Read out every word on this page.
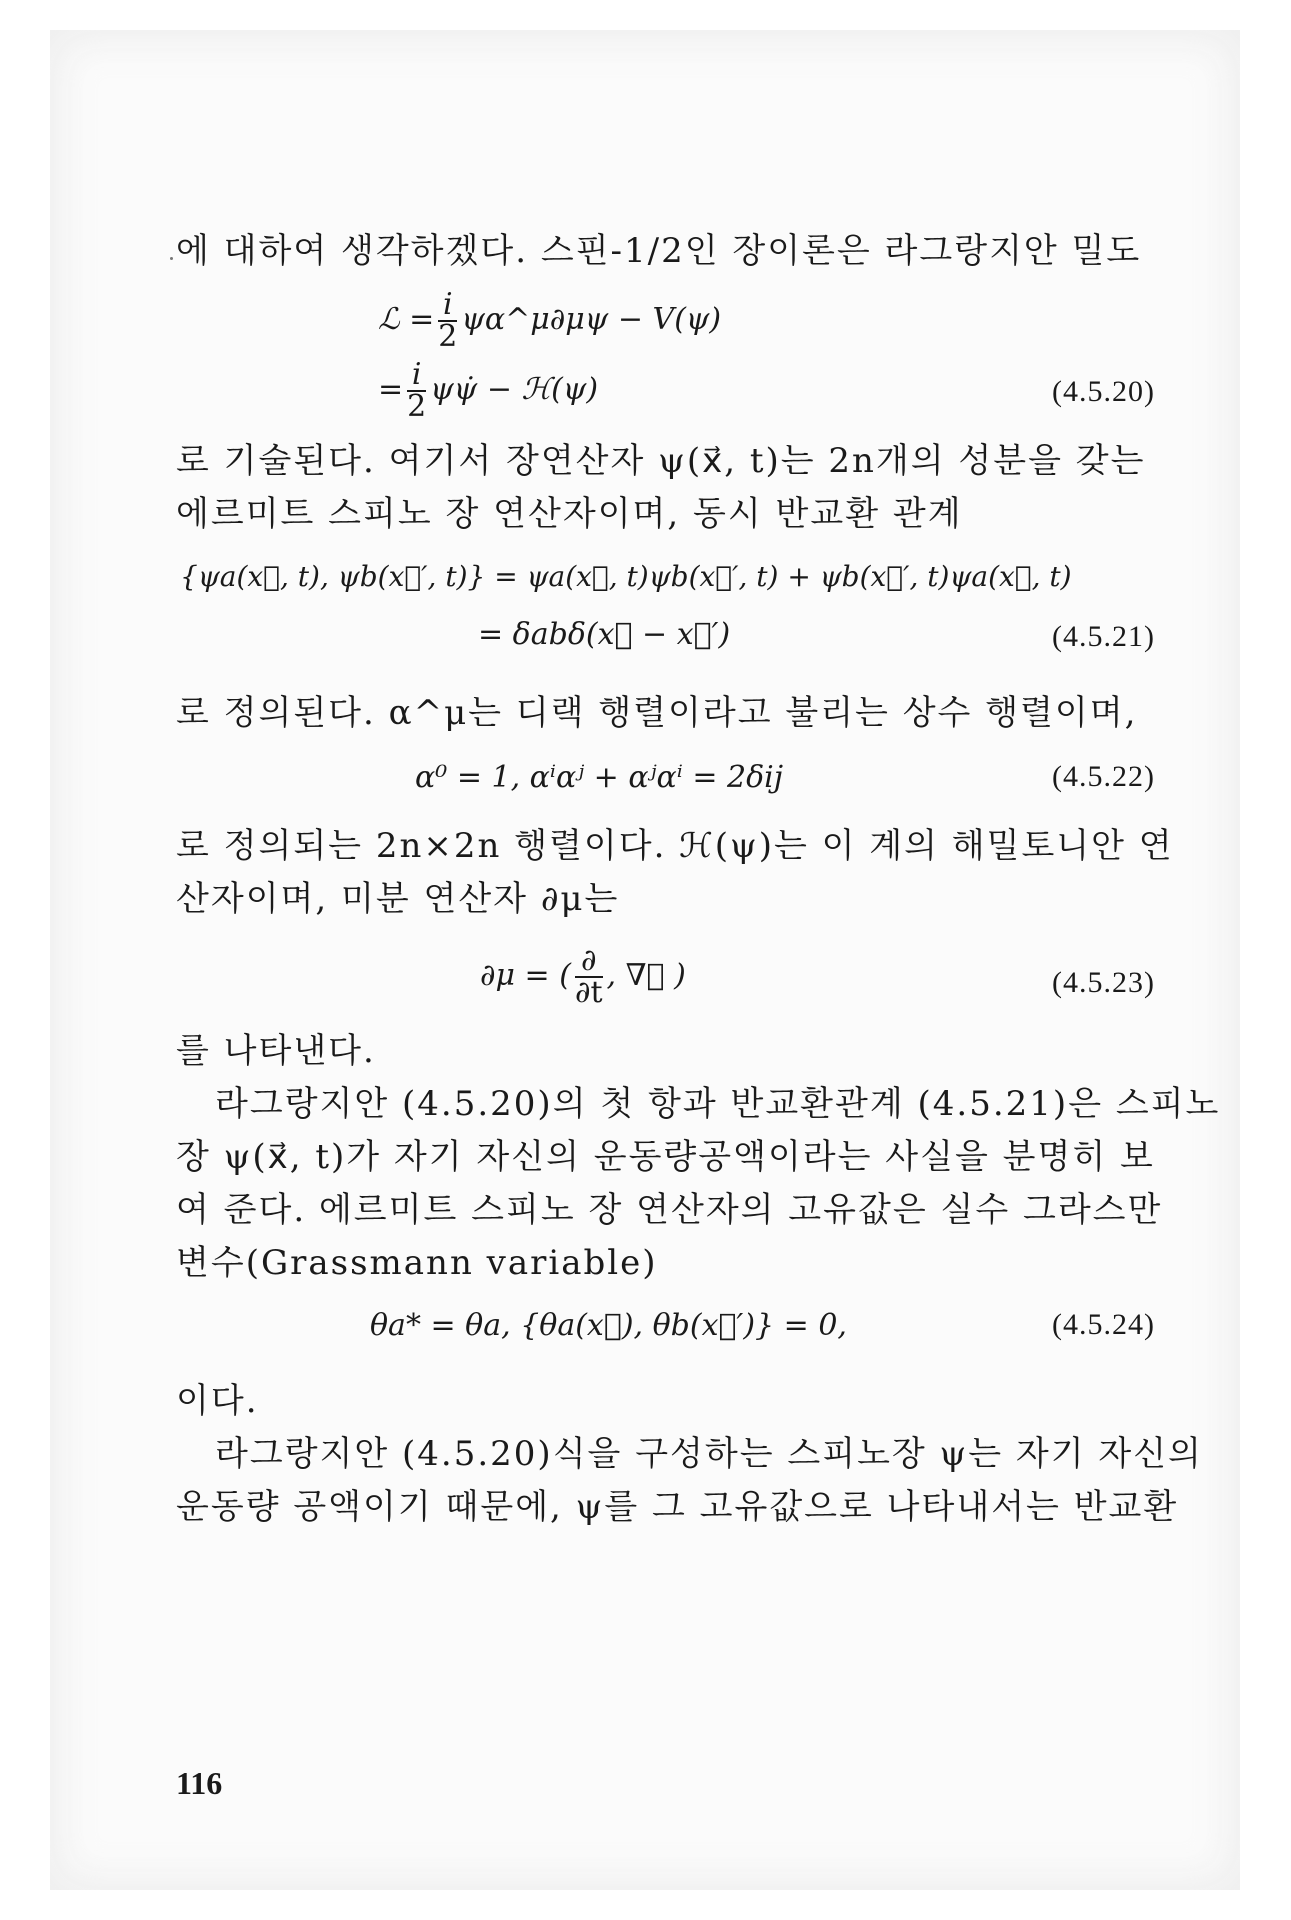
에 대하여 생각하겠다. 스핀-1/2인 장이론은 라그랑지안 밀도
ℒ = $\frac{i}{2}$ ψα^μ∂μψ − V(ψ)
= $\frac{i}{2}$ ψψ̇ − ℋ(ψ)	(4.5.20)
로 기술된다. 여기서 장연산자 ψ(x⃗, t)는 2n개의 성분을 갖는
에르미트 스피노 장 연산자이며, 동시 반교환 관계
{ψa(x⃗, t), ψb(x⃗′, t)} = ψa(x⃗, t)ψb(x⃗′, t) + ψb(x⃗′, t)ψa(x⃗, t)
= δabδ(x⃗ − x⃗′)	(4.5.21)
로 정의된다. α^μ는 디랙 행렬이라고 불리는 상수 행렬이며,
α⁰ = 1, αⁱαʲ + αʲαⁱ = 2δij	(4.5.22)
로 정의되는 2n×2n 행렬이다. ℋ(ψ)는 이 계의 해밀토니안 연
산자이며, 미분 연산자 ∂μ는
∂μ = ( $\frac{\partial}{\partial t}$ , ∇⃗ )	(4.5.23)
를 나타낸다.
라그랑지안 (4.5.20)의 첫 항과 반교환관계 (4.5.21)은 스피노
장 ψ(x⃗, t)가 자기 자신의 운동량공액이라는 사실을 분명히 보
여 준다. 에르미트 스피노 장 연산자의 고유값은 실수 그라스만
변수(Grassmann variable)
θa* = θa, {θa(x⃗), θb(x⃗′)} = 0,	(4.5.24)
이다.
라그랑지안 (4.5.20)식을 구성하는 스피노장 ψ는 자기 자신의
운동량 공액이기 때문에, ψ를 그 고유값으로 나타내서는 반교환
116
